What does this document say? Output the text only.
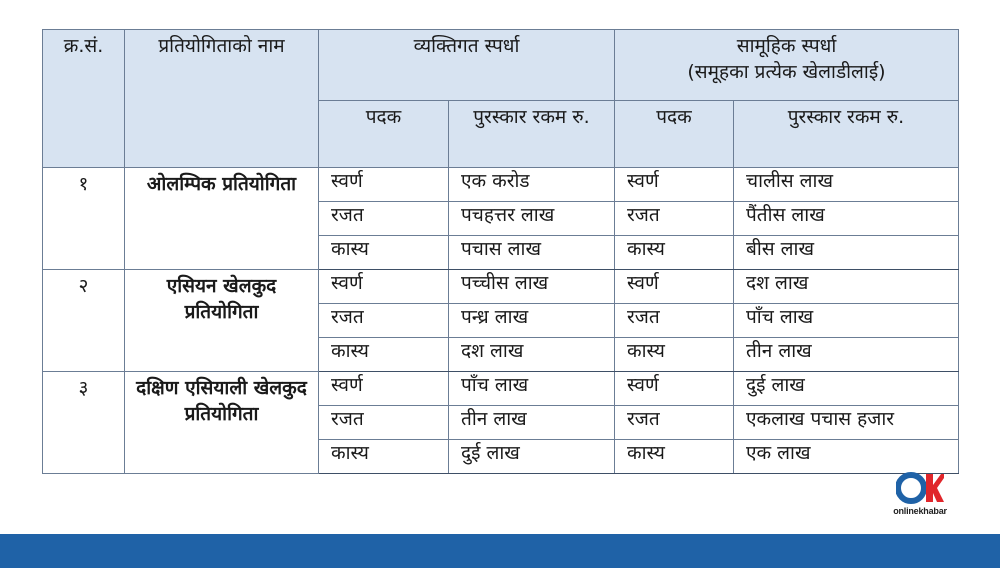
क्र.सं.	प्रतियोगिताको नाम	व्यक्तिगत स्पर्धा		सामूहिक स्पर्धा
(समूहका प्रत्येक खेलाडीलाई)	

		पदक	पुरस्कार रकम रु.	पदक	पुरस्कार रकम रु.
१	ओलम्पिक प्रतियोगिता	स्वर्ण	एक करोड	स्वर्ण	चालीस लाख
		रजत	पचहत्तर लाख	रजत	पैंतीस लाख
		कास्य	पचास लाख	कास्य	बीस लाख
२	एसियन खेलकुद प्रतियोगिता	स्वर्ण	पच्चीस लाख	स्वर्ण	दश लाख
		रजत	पन्ध्र लाख	रजत	पाँच लाख
		कास्य	दश लाख	कास्य	तीन लाख
३	दक्षिण एसियाली खेलकुद प्रतियोगिता	स्वर्ण	पाँच लाख	स्वर्ण	दुई लाख
		रजत	तीन लाख	रजत	एकलाख पचास हजार
		कास्य	दुई लाख	कास्य	एक लाख
onlinekhabar
